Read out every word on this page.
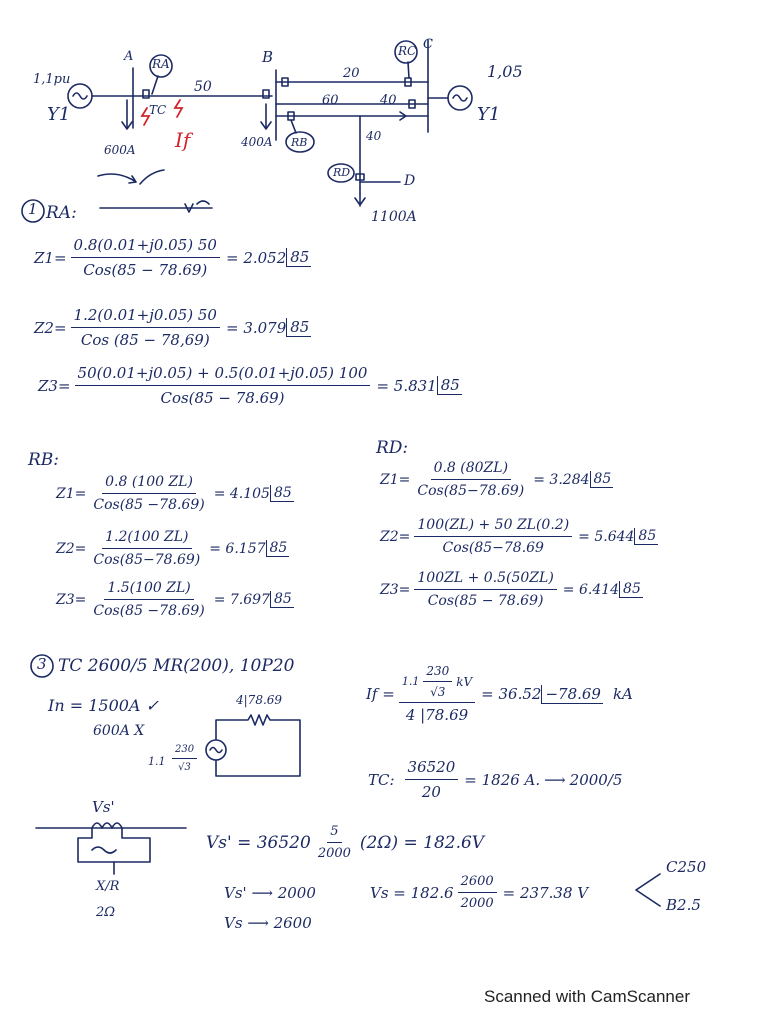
1,1pu
Y1
A RA
TC
50
B
20
60	40
RC C
1,05
Y1
600A If	400A RB	40
RD
D
1100A
1 RA:
$Z1= \frac{0.8(0.01+j0.05) 50}{\text{Cos(85 − 78.69)}} = 2.052$ 85
$Z2= \frac{1.2(0.01+j0.05) 50}{\text{Cos (85 − 78,69)}} = 3.079$ 85
$Z3= \frac{50(0.01+j0.05) + 0.5(0.01+j0.05) 100}{\text{Cos(85 − 78.69)}} = 5.831$ 85
RB:
$Z1= \frac{0.8 (100 ZL)}{\text{Cos(85 −78.69)}} = 4.105$ 85
$Z2= \frac{1.2(100 ZL)}{\text{Cos(85−78.69)}} = 6.157$ 85
$Z3= \frac{1.5(100 ZL)}{\text{Cos(85 −78.69)}} = 7.697$ 85
RD:
$Z1= \frac{0.8 (80ZL)}{\text{Cos(85−78.69)}} = 3.284$ 85
$Z2= \frac{100(ZL) + 50 ZL(0.2)}{\text{Cos(85−78.69}} = 5.644$ 85
$Z3= \frac{100ZL + 0.5(50ZL)}{\text{Cos(85 − 78.69)}} = 6.414$ 85
3 TC 2600/5 MR(200), 10P20
In = 1500A ✓
600A X
4|78.69
$1.1 \frac{230}{√3}$
$If = \frac{1.1 \frac{230}{√3} kV}{4 |78.69} = 36.52 -78.69$ kA
TC: $\frac{36520}{20} = 1826$ A. ⟶ 2000/5
Vs'
X/R
2Ω
$Vs' = 36520 \frac{5}{2000} (2\Omega) = 182.6V$
Vs' ⟶ 2000
Vs ⟶ 2600
$Vs = 182.6 \frac{2600}{2000} = 237.38$ V
C250
B2.5
Scanned with CamScanner
